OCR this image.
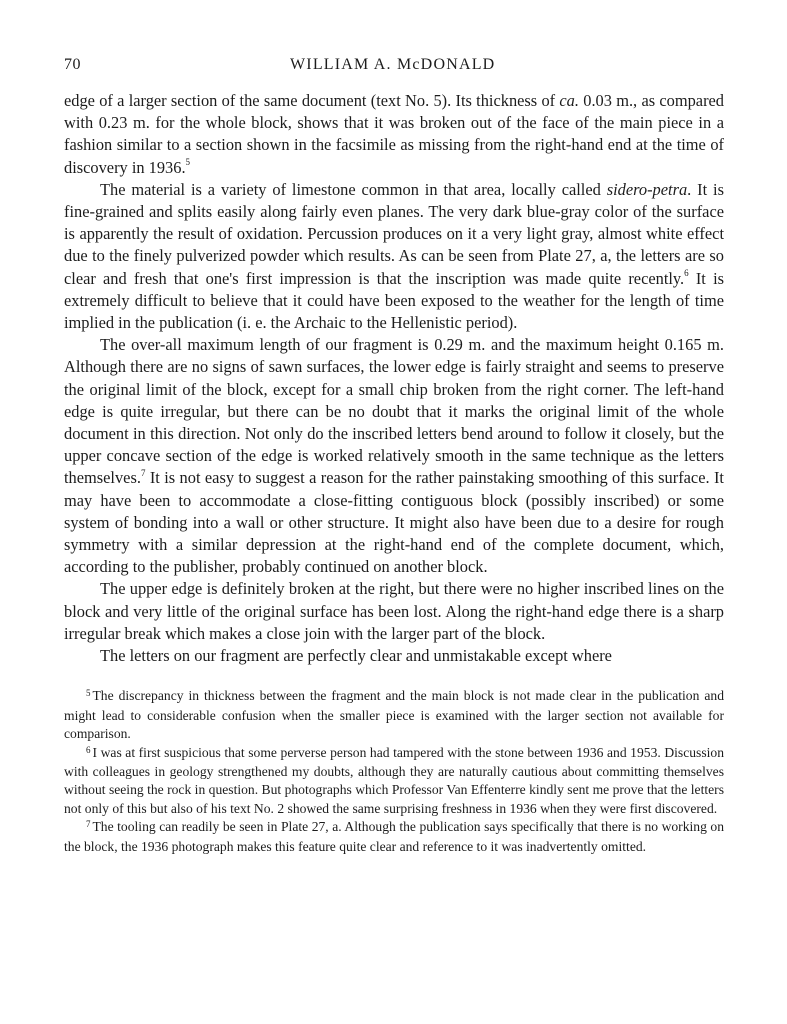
70	WILLIAM A. McDONALD

edge of a larger section of the same document (text No. 5). Its thickness of ca. 0.03 m., as compared with 0.23 m. for the whole block, shows that it was broken out of the face of the main piece in a fashion similar to a section shown in the facsimile as missing from the right-hand end at the time of discovery in 1936.$^5$

The material is a variety of limestone common in that area, locally called sidero-petra. It is fine-grained and splits easily along fairly even planes. The very dark blue-gray color of the surface is apparently the result of oxidation. Percussion produces on it a very light gray, almost white effect due to the finely pulverized powder which results. As can be seen from Plate 27, a, the letters are so clear and fresh that one's first impression is that the inscription was made quite recently.$^6$ It is extremely difficult to believe that it could have been exposed to the weather for the length of time implied in the publication (i. e. the Archaic to the Hellenistic period).

The over-all maximum length of our fragment is 0.29 m. and the maximum height 0.165 m. Although there are no signs of sawn surfaces, the lower edge is fairly straight and seems to preserve the original limit of the block, except for a small chip broken from the right corner. The left-hand edge is quite irregular, but there can be no doubt that it marks the original limit of the whole document in this direction. Not only do the inscribed letters bend around to follow it closely, but the upper concave section of the edge is worked relatively smooth in the same technique as the letters themselves.$^7$ It is not easy to suggest a reason for the rather painstaking smoothing of this surface. It may have been to accommodate a close-fitting contiguous block (possibly inscribed) or some system of bonding into a wall or other structure. It might also have been due to a desire for rough symmetry with a similar depression at the right-hand end of the complete document, which, according to the publisher, probably continued on another block.

The upper edge is definitely broken at the right, but there were no higher inscribed lines on the block and very little of the original surface has been lost. Along the right-hand edge there is a sharp irregular break which makes a close join with the larger part of the block.

The letters on our fragment are perfectly clear and unmistakable except where

$^5$ The discrepancy in thickness between the fragment and the main block is not made clear in the publication and might lead to considerable confusion when the smaller piece is examined with the larger section not available for comparison.

$^6$ I was at first suspicious that some perverse person had tampered with the stone between 1936 and 1953. Discussion with colleagues in geology strengthened my doubts, although they are naturally cautious about committing themselves without seeing the rock in question. But photographs which Professor Van Effenterre kindly sent me prove that the letters not only of this but also of his text No. 2 showed the same surprising freshness in 1936 when they were first discovered.

$^7$ The tooling can readily be seen in Plate 27, a. Although the publication says specifically that there is no working on the block, the 1936 photograph makes this feature quite clear and reference to it was inadvertently omitted.
